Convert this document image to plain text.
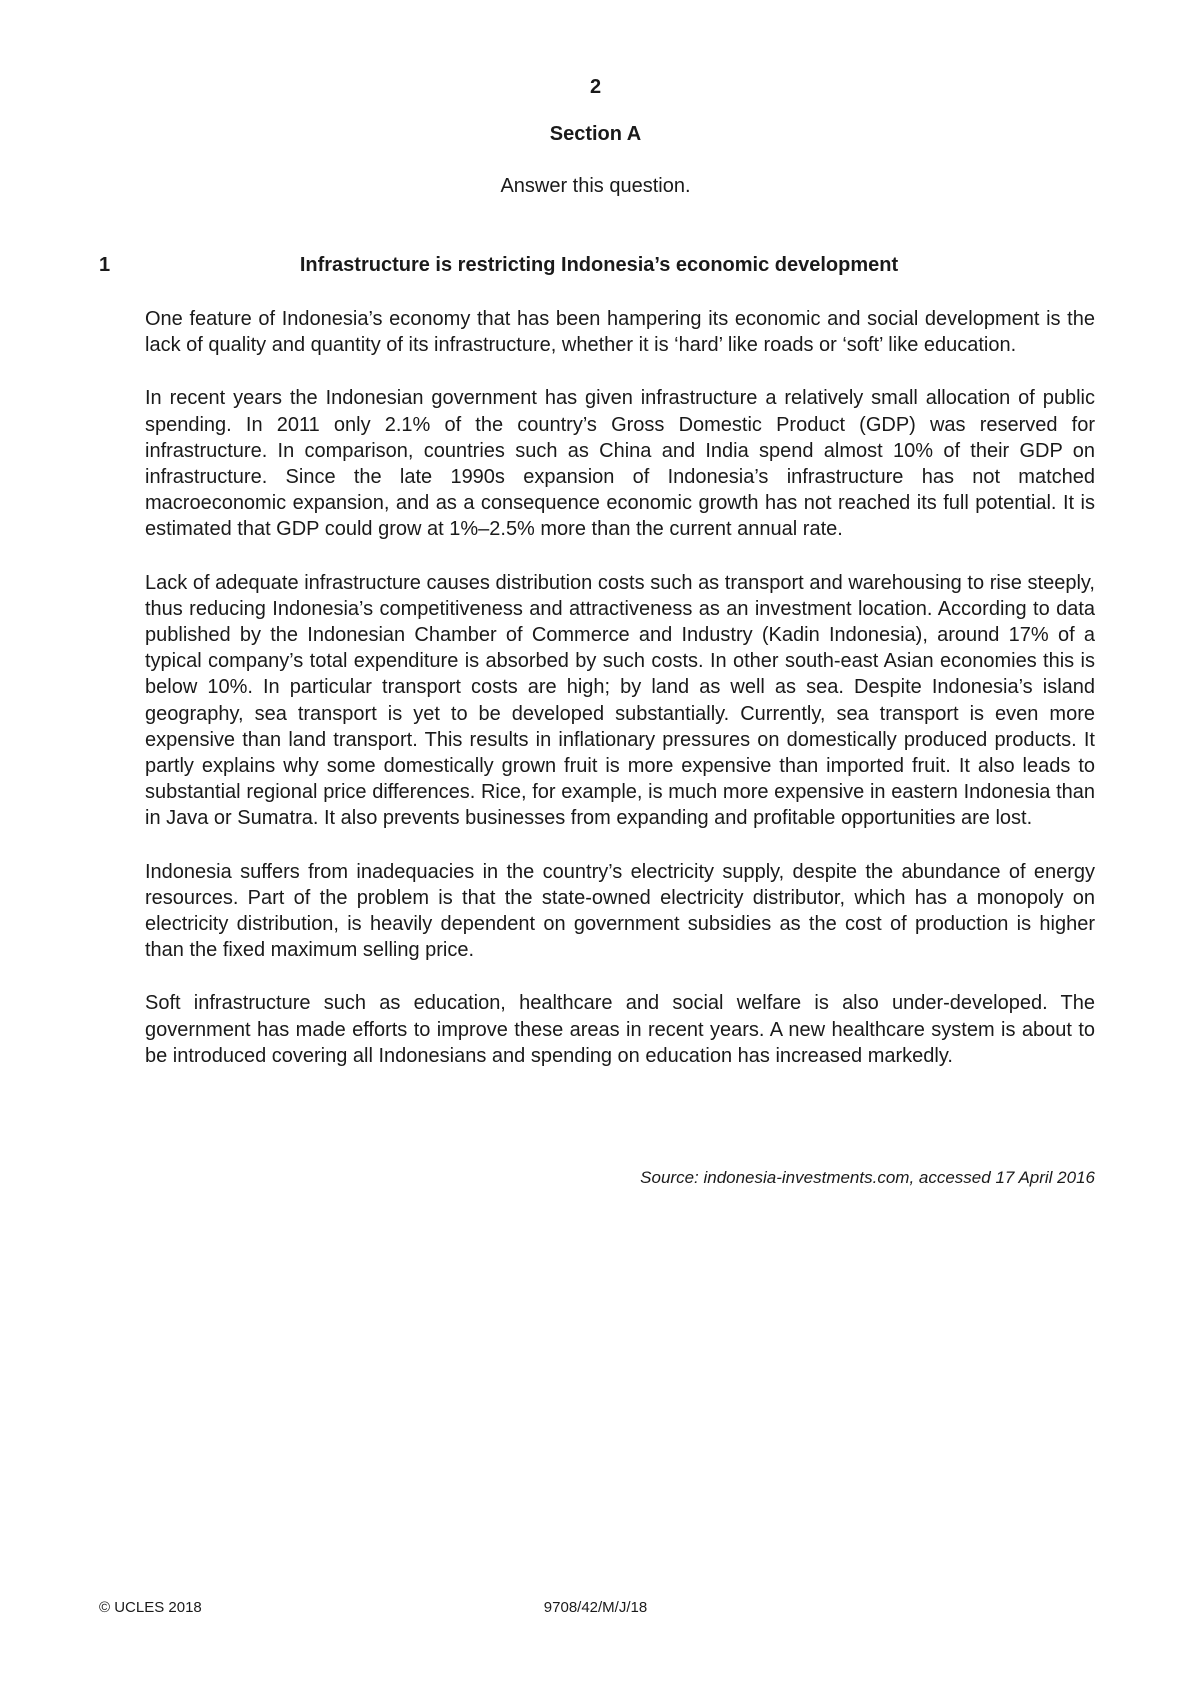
2
Section A
Answer this question.
1	Infrastructure is restricting Indonesia’s economic development

One feature of Indonesia’s economy that has been hampering its economic and social development is the lack of quality and quantity of its infrastructure, whether it is ‘hard’ like roads or ‘soft’ like education.

In recent years the Indonesian government has given infrastructure a relatively small allocation of public spending. In 2011 only 2.1% of the country’s Gross Domestic Product (GDP) was reserved for infrastructure. In comparison, countries such as China and India spend almost 10% of their GDP on infrastructure. Since the late 1990s expansion of Indonesia’s infrastructure has not matched macroeconomic expansion, and as a consequence economic growth has not reached its full potential. It is estimated that GDP could grow at 1%–2.5% more than the current annual rate.

Lack of adequate infrastructure causes distribution costs such as transport and warehousing to rise steeply, thus reducing Indonesia’s competitiveness and attractiveness as an investment location. According to data published by the Indonesian Chamber of Commerce and Industry (Kadin Indonesia), around 17% of a typical company’s total expenditure is absorbed by such costs. In other south-east Asian economies this is below 10%. In particular transport costs are high; by land as well as sea. Despite Indonesia’s island geography, sea transport is yet to be developed substantially. Currently, sea transport is even more expensive than land transport. This results in inflationary pressures on domestically produced products. It partly explains why some domestically grown fruit is more expensive than imported fruit. It also leads to substantial regional price differences. Rice, for example, is much more expensive in eastern Indonesia than in Java or Sumatra. It also prevents businesses from expanding and profitable opportunities are lost.

Indonesia suffers from inadequacies in the country’s electricity supply, despite the abundance of energy resources. Part of the problem is that the state-owned electricity distributor, which has a monopoly on electricity distribution, is heavily dependent on government subsidies as the cost of production is higher than the fixed maximum selling price.

Soft infrastructure such as education, healthcare and social welfare is also under-developed. The government has made efforts to improve these areas in recent years. A new healthcare system is about to be introduced covering all Indonesians and spending on education has increased markedly.

Source: indonesia-investments.com, accessed 17 April 2016
© UCLES 2018	9708/42/M/J/18
